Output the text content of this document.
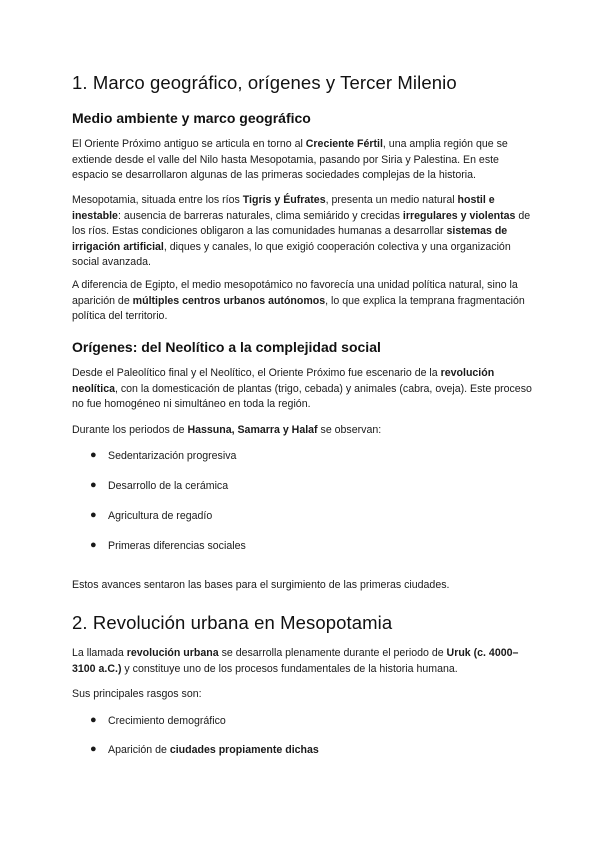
1. Marco geográfico, orígenes y Tercer Milenio
Medio ambiente y marco geográfico

El Oriente Próximo antiguo se articula en torno al Creciente Fértil, una amplia región que se extiende desde el valle del Nilo hasta Mesopotamia, pasando por Siria y Palestina. En este espacio se desarrollaron algunas de las primeras sociedades complejas de la historia.

Mesopotamia, situada entre los ríos Tigris y Éufrates, presenta un medio natural hostil e inestable: ausencia de barreras naturales, clima semiárido y crecidas irregulares y violentas de los ríos. Estas condiciones obligaron a las comunidades humanas a desarrollar sistemas de irrigación artificial, diques y canales, lo que exigió cooperación colectiva y una organización social avanzada.

A diferencia de Egipto, el medio mesopotámico no favorecía una unidad política natural, sino la aparición de múltiples centros urbanos autónomos, lo que explica la temprana fragmentación política del territorio.

Orígenes: del Neolítico a la complejidad social

Desde el Paleolítico final y el Neolítico, el Oriente Próximo fue escenario de la revolución neolítica, con la domesticación de plantas (trigo, cebada) y animales (cabra, oveja). Este proceso no fue homogéneo ni simultáneo en toda la región.

Durante los periodos de Hassuna, Samarra y Halaf se observan:

● Sedentarización progresiva
● Desarrollo de la cerámica
● Agricultura de regadío
● Primeras diferencias sociales

Estos avances sentaron las bases para el surgimiento de las primeras ciudades.

2. Revolución urbana en Mesopotamia

La llamada revolución urbana se desarrolla plenamente durante el periodo de Uruk (c. 4000–3100 a.C.) y constituye uno de los procesos fundamentales de la historia humana.

Sus principales rasgos son:

● Crecimiento demográfico
● Aparición de ciudades propiamente dichas
